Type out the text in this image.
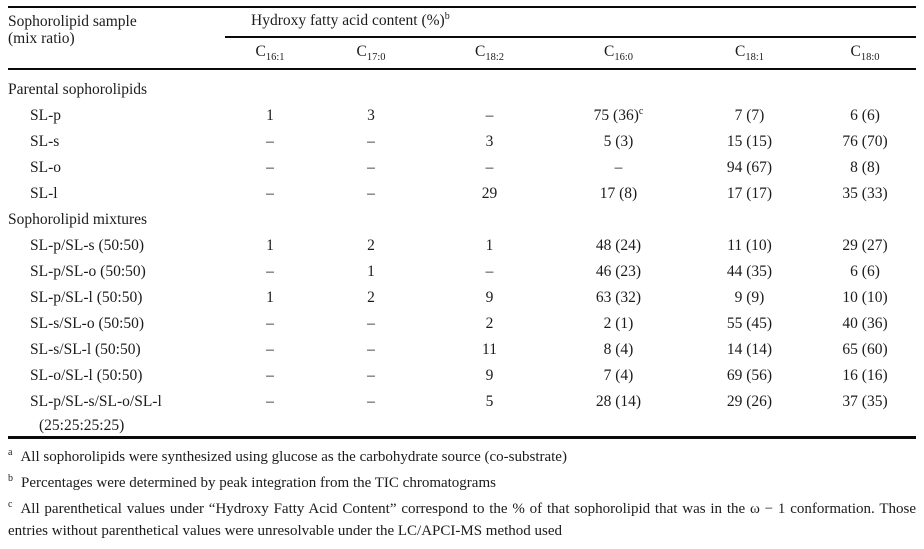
Sophorolipid sample
(mix ratio)	Hydroxy fatty acid content (%)$^b$
	$C_{16:1}$	$C_{17:0}$	$C_{18:2}$	$C_{16:0}$	$C_{18:1}$	$C_{18:0}$
Parental sophorolipids						
SL-p	1	3	–	75 $(36)^c$	7 (7)	6 (6)
SL-s	–	–	3	5 (3)	15 (15)	76 (70)
SL-o	–	–	–	–	94 (67)	8 (8)
SL-l	–	–	29	17 (8)	17 (17)	35 (33)
Sophorolipid mixtures						
SL-p/SL-s (50:50)	1	2	1	48 (24)	11 (10)	29 (27)
SL-p/SL-o (50:50)	–	1	–	46 (23)	44 (35)	6 (6)
SL-p/SL-l (50:50)	1	2	9	63 (32)	9 (9)	10 (10)
SL-s/SL-o (50:50)	–	–	2	2 (1)	55 (45)	40 (36)
SL-s/SL-l (50:50)	–	–	11	8 (4)	14 (14)	65 (60)
SL-o/SL-l (50:50)	–	–	9	7 (4)	69 (56)	16 (16)
SL-p/SL-s/SL-o/SL-l
(25:25:25:25)	–	–	5	28 (14)	29 (26)	37 (35)

$^a$ All sophorolipids were synthesized using glucose as the carbohydrate source (co-substrate)

$^b$ Percentages were determined by peak integration from the TIC chromatograms

$^c$ All parenthetical values under “Hydroxy Fatty Acid Content” correspond to the % of that sophorolipid that was in the ω − 1 conformation. Those entries without parenthetical values were unresolvable under the LC/APCI-MS method used
